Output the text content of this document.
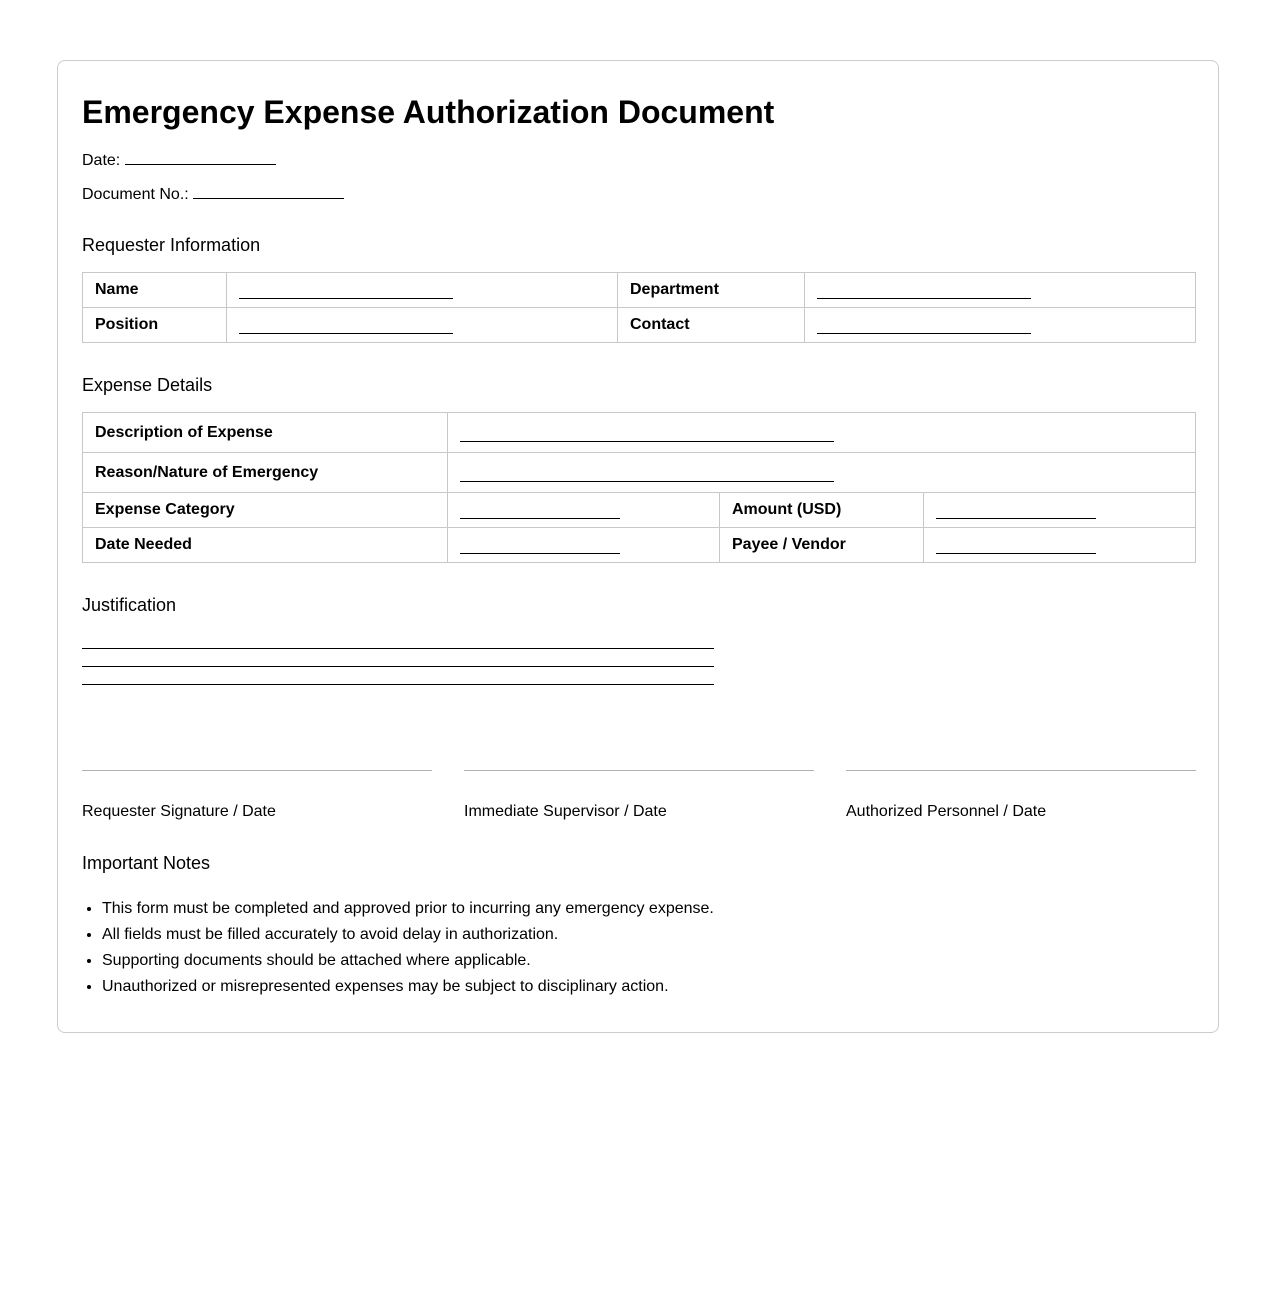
Emergency Expense Authorization Document
Date:
Document No.:
Requester Information
Name		Department	
Position		Contact	
Expense Details
Description of Expense			
Reason/Nature of Emergency			
Expense Category		Amount (USD)	
Date Needed		Payee / Vendor	
Justification
Requester Signature / Date	Immediate Supervisor / Date	Authorized Personnel / Date
Important Notes
• This form must be completed and approved prior to incurring any emergency expense.
• All fields must be filled accurately to avoid delay in authorization.
• Supporting documents should be attached where applicable.
• Unauthorized or misrepresented expenses may be subject to disciplinary action.
